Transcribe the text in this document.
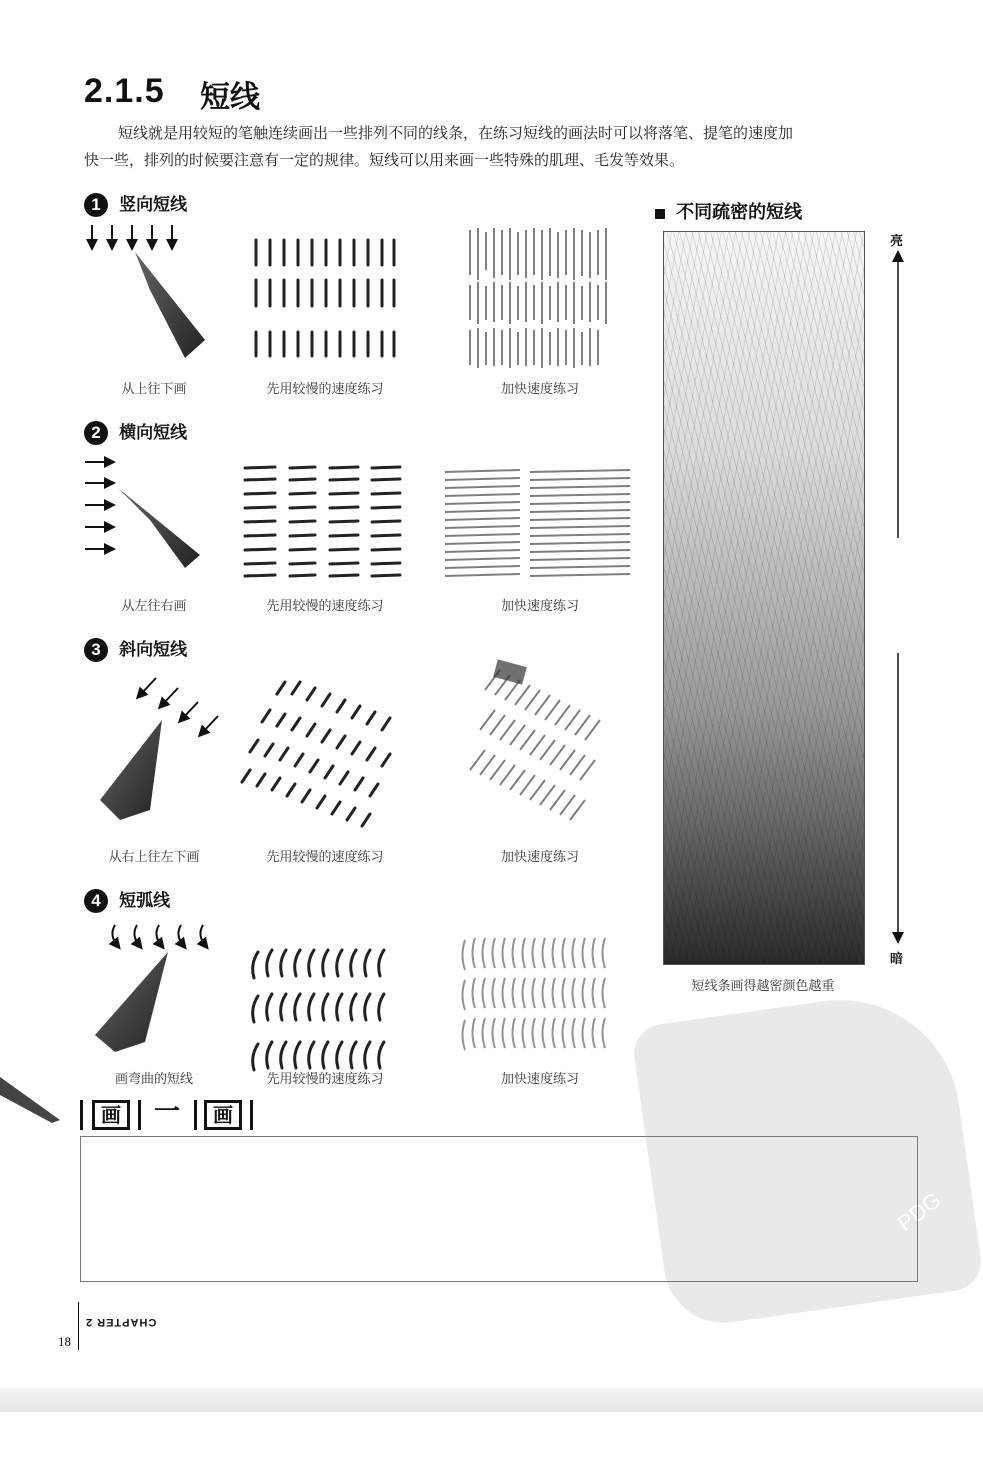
2.1.5 短线
短线就是用较短的笔触连续画出一些排列不同的线条，在练习短线的画法时可以将落笔、提笔的速度加
快一些，排列的时候要注意有一定的规律。短线可以用来画一些特殊的肌理、毛发等效果。
1 竖向短线
2 横向短线
3 斜向短线
4 短弧线
从上往下画	先用较慢的速度练习	加快速度练习
从左往右画	先用较慢的速度练习	加快速度练习
从右上往左下画	先用较慢的速度练习	加快速度练习
画弯曲的短线	先用较慢的速度练习	加快速度练习
不同疏密的短线
亮
暗
短线条画得越密颜色越重
PDG
画	一	画
CHAPTER 2
18
